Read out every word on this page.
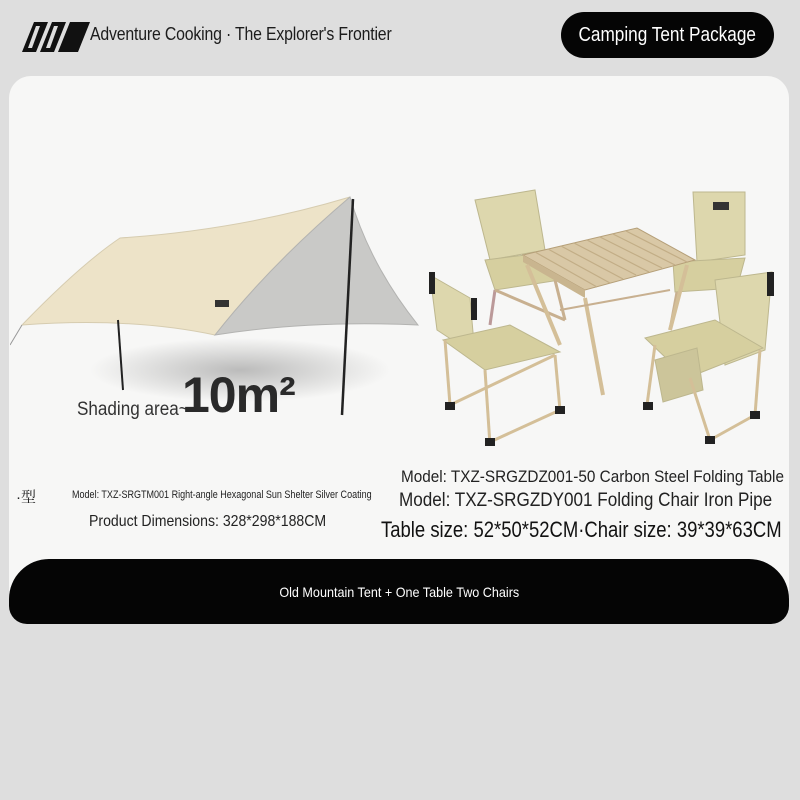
Adventure Cooking · The Explorer's Frontier	Camping Tent Package
Shading area~
10m²
·型	Model: TXZ-SRGTM001 Right-angle Hexagonal Sun Shelter Silver Coating
Product Dimensions: 328*298*188CM
Model: TXZ-SRGZDZ001-50 Carbon Steel Folding Table
Model: TXZ-SRGZDY001 Folding Chair Iron Pipe
Table size: 52*50*52CM·Chair size: 39*39*63CM
Old Mountain Tent + One Table Two Chairs
